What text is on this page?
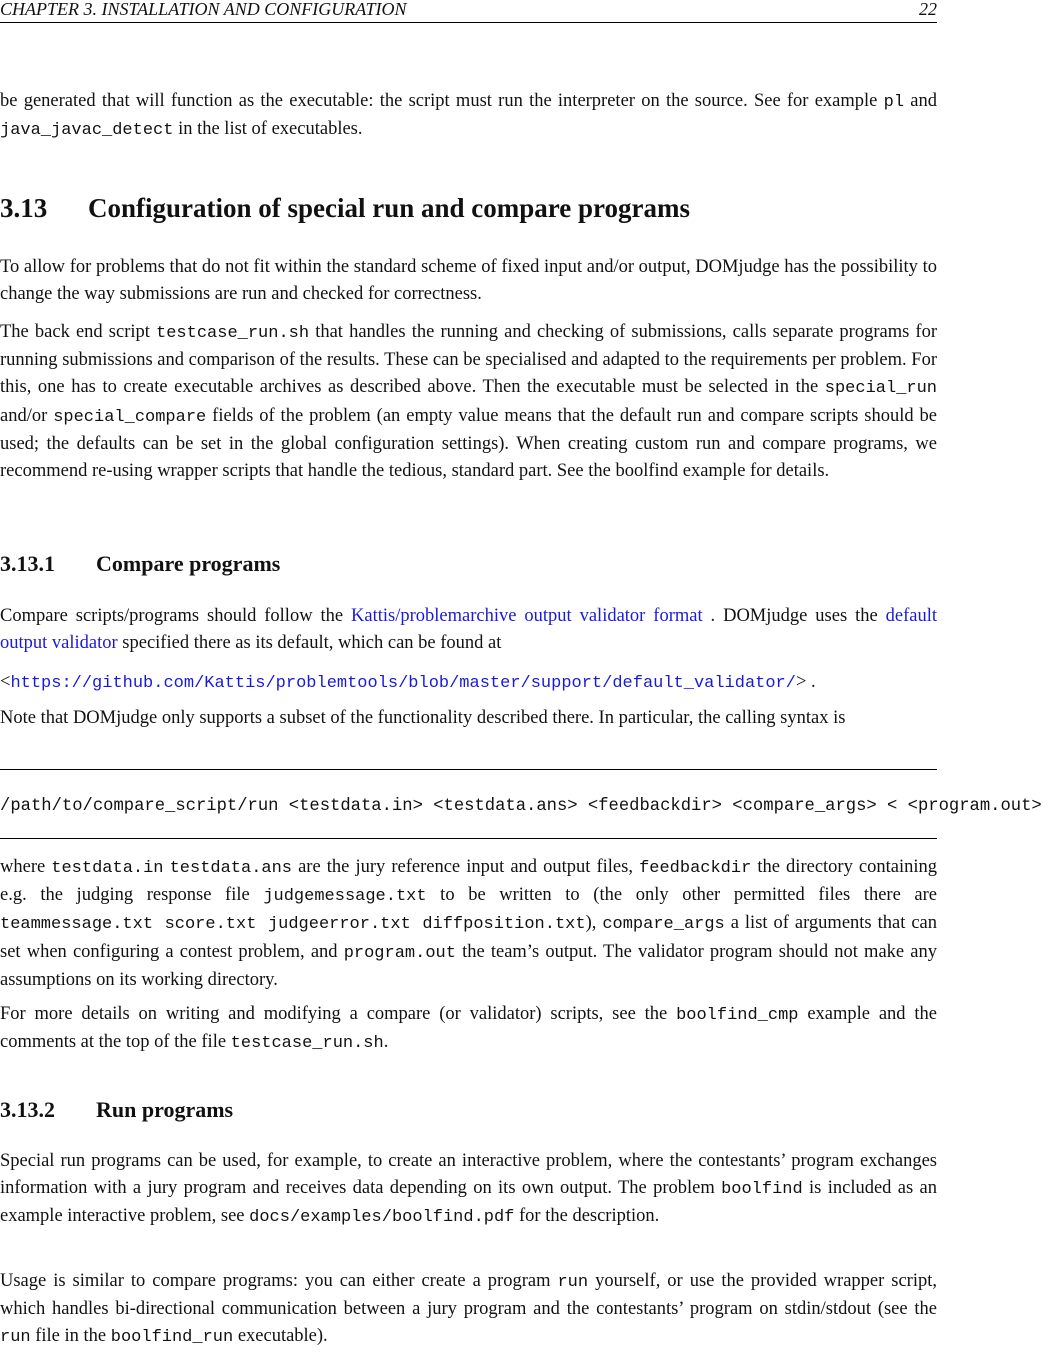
CHAPTER 3. INSTALLATION AND CONFIGURATION	22

be generated that will function as the executable: the script must run the interpreter on the source. See for example pl and java_javac_detect in the list of executables.

3.13 Configuration of special run and compare programs

To allow for problems that do not fit within the standard scheme of fixed input and/or output, DOMjudge has the possibility to change the way submissions are run and checked for correctness.

The back end script testcase_run.sh that handles the running and checking of submissions, calls separate programs for running submissions and comparison of the results. These can be specialised and adapted to the requirements per problem. For this, one has to create executable archives as described above. Then the executable must be selected in the special_run and/or special_compare fields of the problem (an empty value means that the default run and compare scripts should be used; the defaults can be set in the global configuration settings). When creating custom run and compare programs, we recommend re-using wrapper scripts that handle the tedious, standard part. See the boolfind example for details.

3.13.1 Compare programs

Compare scripts/programs should follow the Kattis/problemarchive output validator format . DOMjudge uses the default output validator specified there as its default, which can be found at

<https://github.com/Kattis/problemtools/blob/master/support/default_validator/> .

Note that DOMjudge only supports a subset of the functionality described there. In particular, the calling syntax is

/path/to/compare_script/run <testdata.in> <testdata.ans> <feedbackdir> <compare_args> < <program.out>

where testdata.in testdata.ans are the jury reference input and output files, feedbackdir the directory containing e.g. the judging response file judgemessage.txt to be written to (the only other permitted files there are teammessage.txt score.txt judgeerror.txt diffposition.txt), compare_args a list of arguments that can set when configuring a contest problem, and program.out the team’s output. The validator program should not make any assumptions on its working directory.

For more details on writing and modifying a compare (or validator) scripts, see the boolfind_cmp example and the comments at the top of the file testcase_run.sh.

3.13.2 Run programs

Special run programs can be used, for example, to create an interactive problem, where the contestants’ program exchanges information with a jury program and receives data depending on its own output. The problem boolfind is included as an example interactive problem, see docs/examples/boolfind.pdf for the description.

Usage is similar to compare programs: you can either create a program run yourself, or use the provided wrapper script, which handles bi-directional communication between a jury program and the contestants’ program on stdin/stdout (see the run file in the boolfind_run executable).
